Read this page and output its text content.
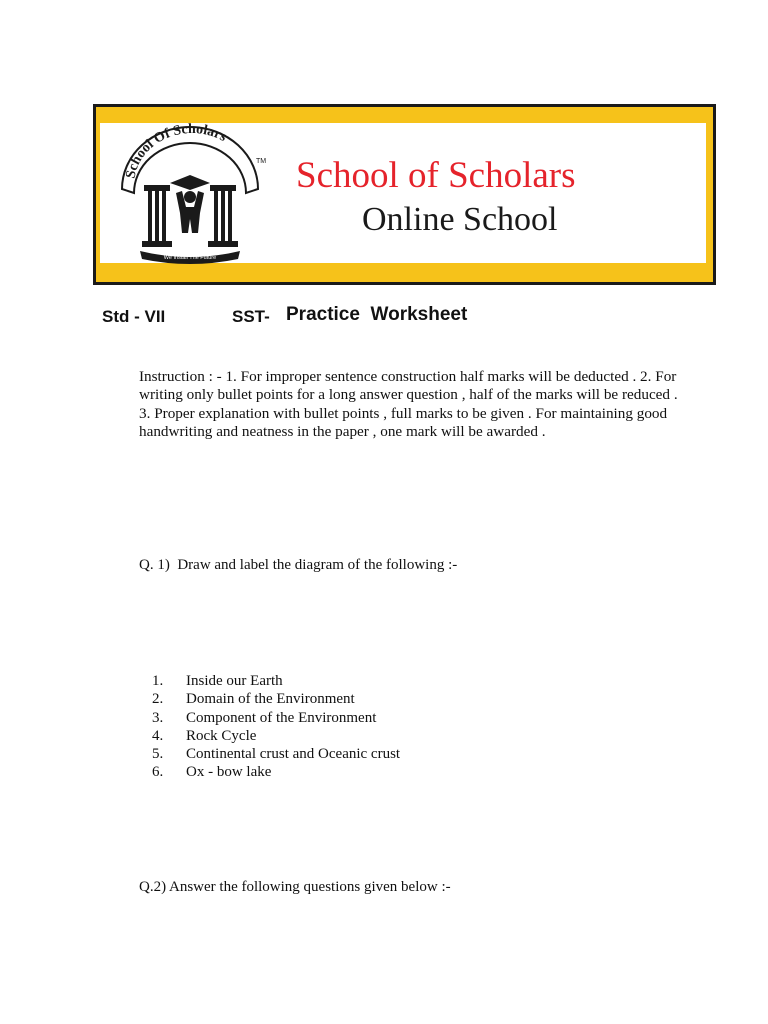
School Of Scholars
TM
We Install The Future
School of Scholars
Online School
Std - VII	SST- Practice  Worksheet
Instruction : - 1. For improper sentence construction half marks will be deducted . 2. For writing only bullet points for a long answer question , half of the marks will be reduced . 3. Proper explanation with bullet points , full marks to be given . For maintaining good handwriting and neatness in the paper , one mark will be awarded .
Q. 1)  Draw and label the diagram of the following :-
1.	Inside our Earth
2.	Domain of the Environment
3.	Component of the Environment
4.	Rock Cycle
5.	Continental crust and Oceanic crust
6.	Ox - bow lake
Q.2) Answer the following questions given below :-
